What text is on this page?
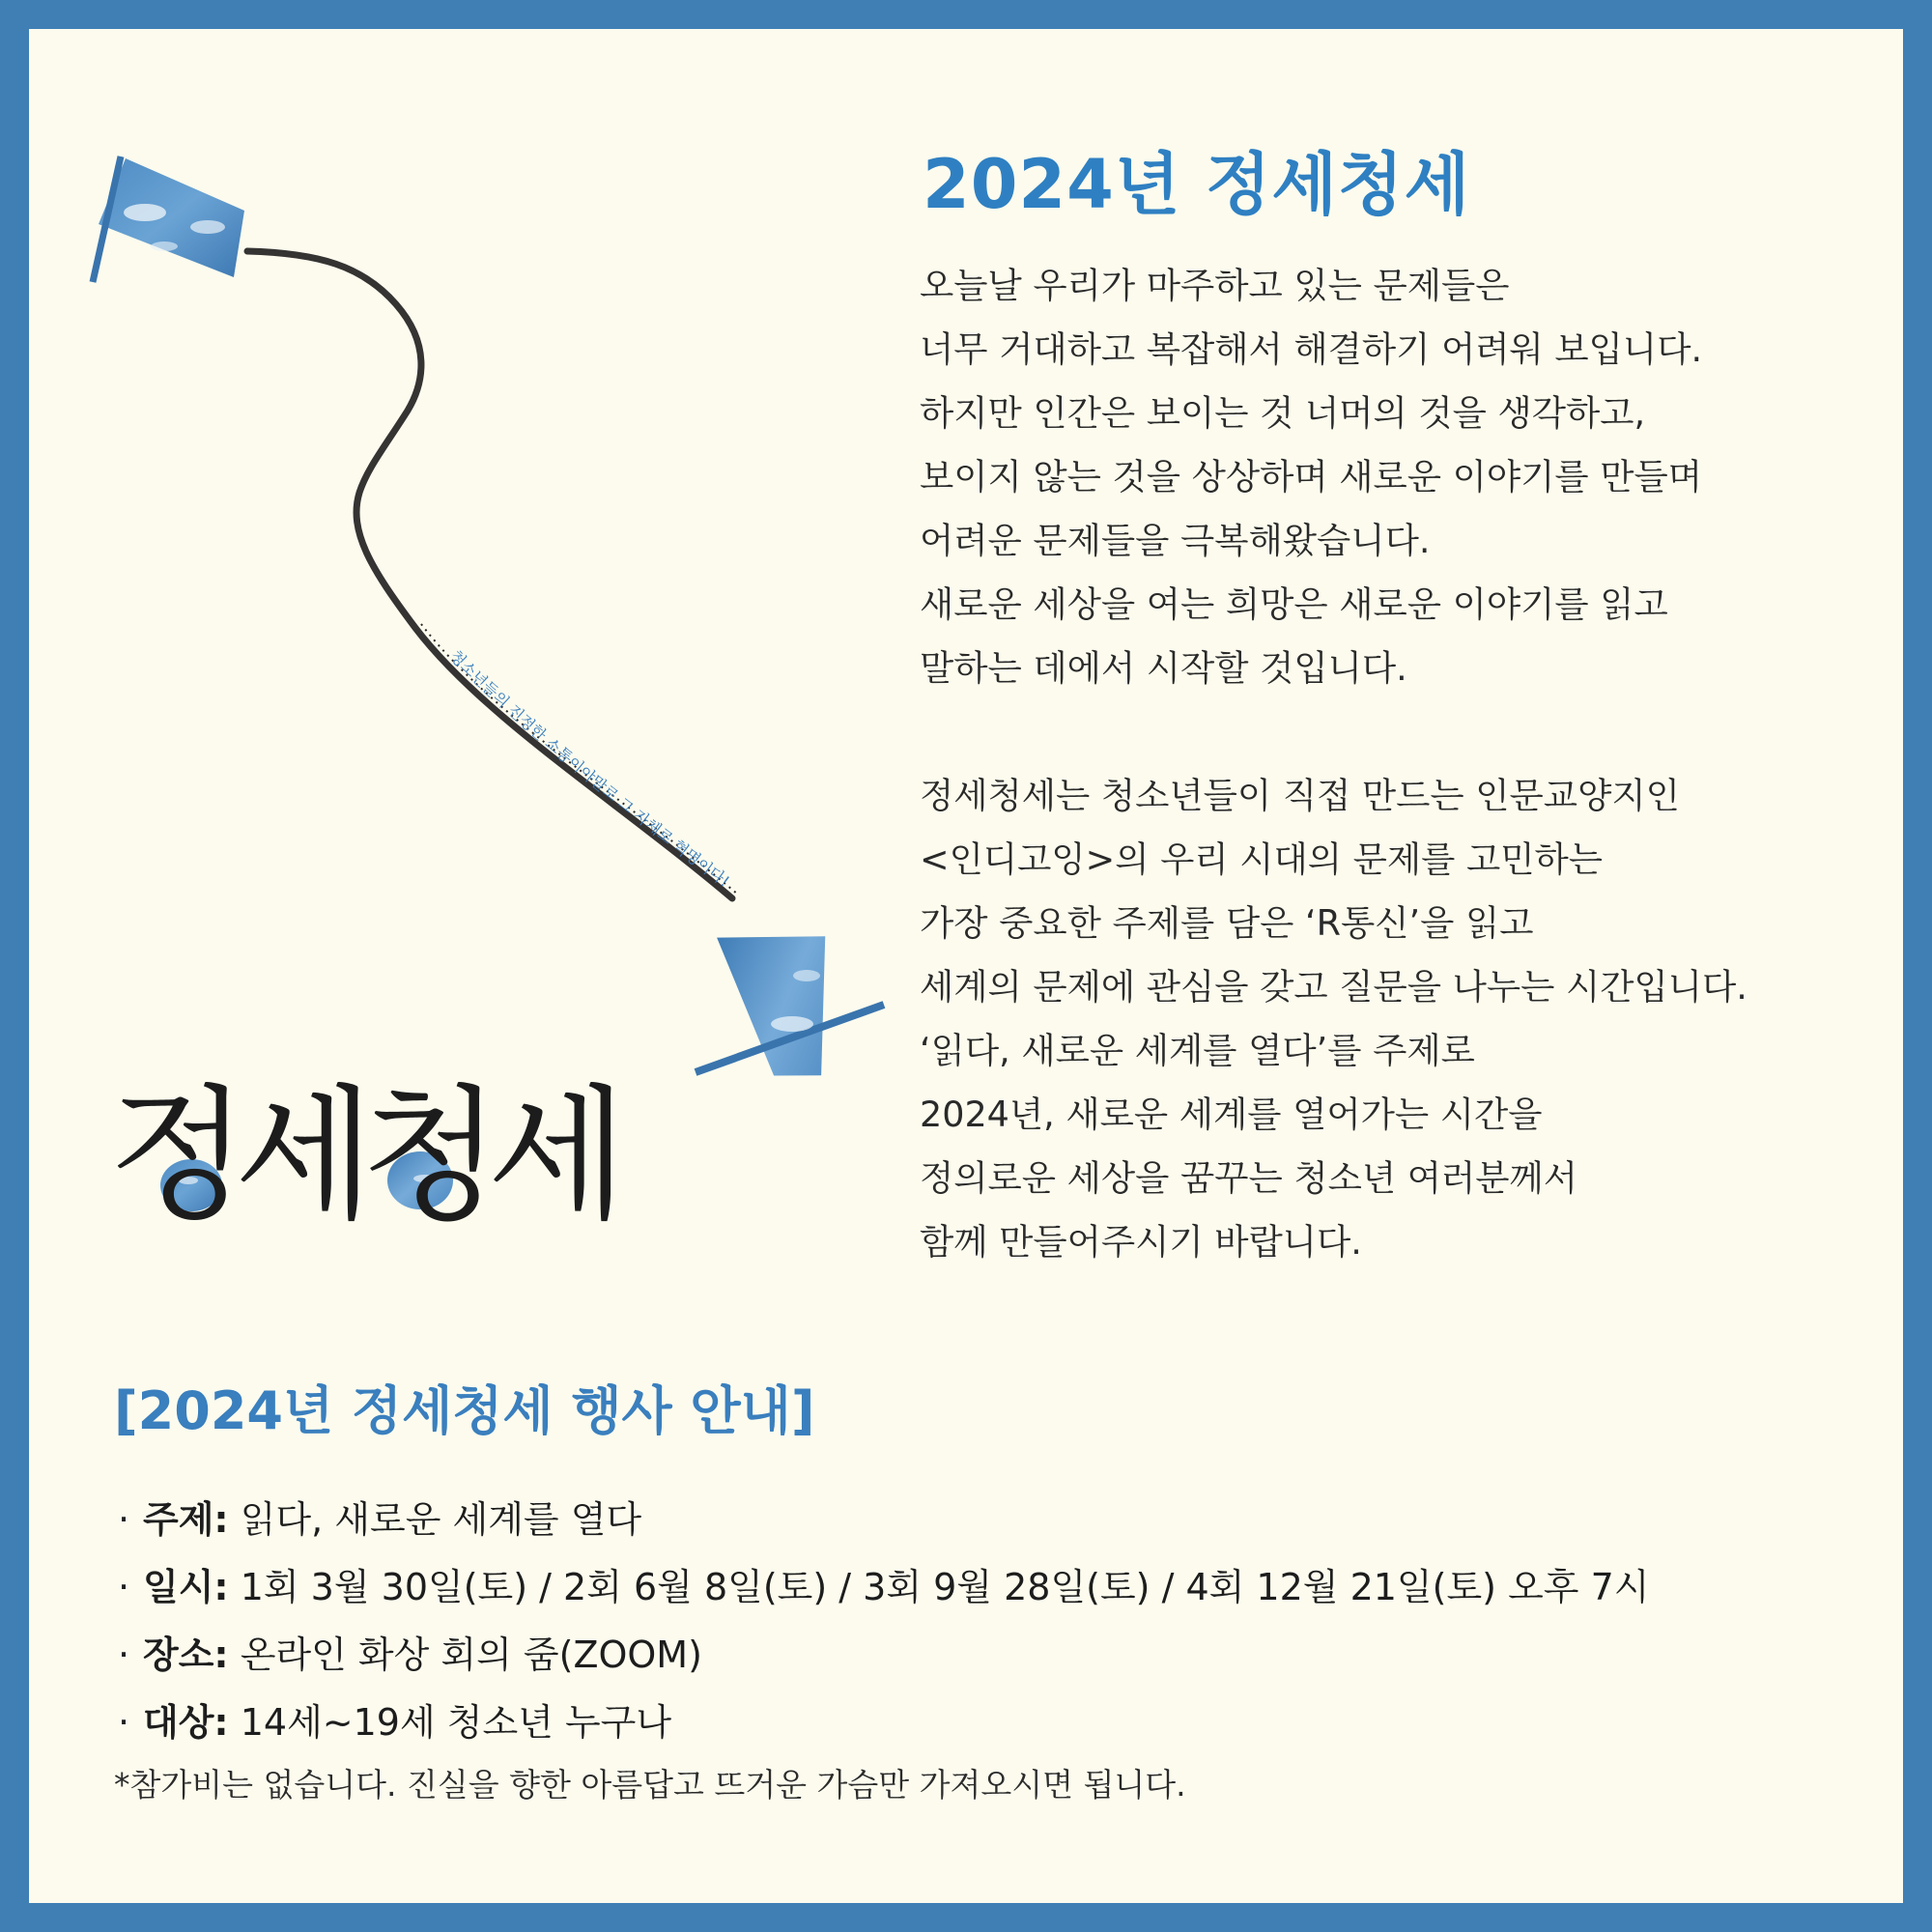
청소년들의 진정한 소통이야말로 그 자체로 혁명이다!
2024년 정세청세
오늘날 우리가 마주하고 있는 문제들은
너무 거대하고 복잡해서 해결하기 어려워 보입니다.
하지만 인간은 보이는 것 너머의 것을 생각하고,
보이지 않는 것을 상상하며 새로운 이야기를 만들며
어려운 문제들을 극복해왔습니다.
새로운 세상을 여는 희망은 새로운 이야기를 읽고
말하는 데에서 시작할 것입니다.
정세청세는 청소년들이 직접 만드는 인문교양지인
<인디고잉>의 우리 시대의 문제를 고민하는
가장 중요한 주제를 담은 ‘R통신’을 읽고
세계의 문제에 관심을 갖고 질문을 나누는 시간입니다.
‘읽다, 새로운 세계를 열다’를 주제로
2024년, 새로운 세계를 열어가는 시간을
정의로운 세상을 꿈꾸는 청소년 여러분께서
함께 만들어주시기 바랍니다.
정세청세
[2024년 정세청세 행사 안내]
· 주제: 읽다, 새로운 세계를 열다
· 일시: 1회 3월 30일(토) / 2회 6월 8일(토) / 3회 9월 28일(토) / 4회 12월 21일(토) 오후 7시
· 장소: 온라인 화상 회의 줌(ZOOM)
· 대상: 14세~19세 청소년 누구나
*참가비는 없습니다. 진실을 향한 아름답고 뜨거운 가슴만 가져오시면 됩니다.
